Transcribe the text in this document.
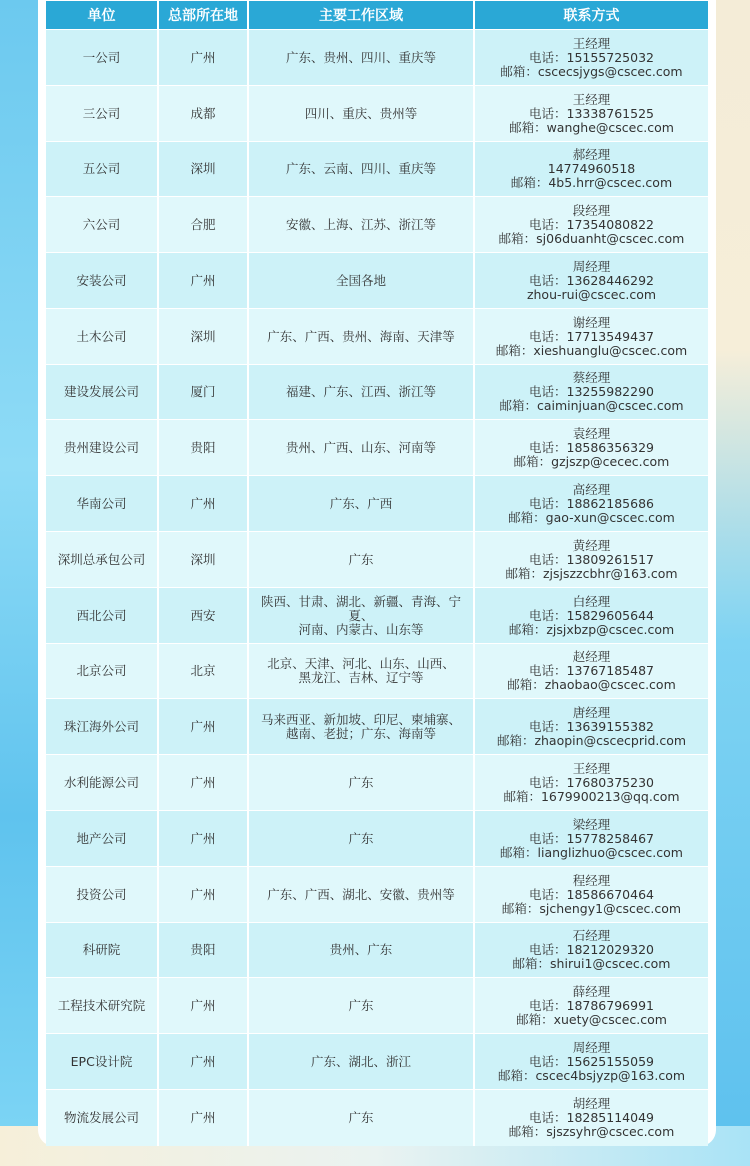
单位	总部所在地	主要工作区域	联系方式
一公司	广州	广东、贵州、四川、重庆等	王经理
电话：15155725032
邮箱：cscecsjygs@cscec.com

三公司	成都	四川、重庆、贵州等	王经理
电话：13338761525
邮箱：wanghe@cscec.com

五公司	深圳	广东、云南、四川、重庆等	郝经理
14774960518
邮箱：4b5.hrr@cscec.com

六公司	合肥	安徽、上海、江苏、浙江等	段经理
电话：17354080822
邮箱：sj06duanht@cscec.com

安装公司	广州	全国各地	周经理
电话：13628446292
zhou-rui@cscec.com

土木公司	深圳	广东、广西、贵州、海南、天津等	谢经理
电话：17713549437
邮箱：xieshuanglu@cscec.com

建设发展公司	厦门	福建、广东、江西、浙江等	蔡经理
电话：13255982290
邮箱：caiminjuan@cscec.com

贵州建设公司	贵阳	贵州、广西、山东、河南等	袁经理
电话：18586356329
邮箱：gzjszp@cecec.com

华南公司	广州	广东、广西	高经理
电话：18862185686
邮箱：gao-xun@cscec.com

深圳总承包公司	深圳	广东	黄经理
电话：13809261517
邮箱：zjsjszzcbhr@163.com

西北公司	西安	陕西、甘肃、湖北、新疆、青海、宁夏、
河南、内蒙古、山东等	白经理
电话：15829605644
邮箱：zjsjxbzp@cscec.com

北京公司	北京	北京、天津、河北、山东、山西、
黑龙江、吉林、辽宁等	赵经理
电话：13767185487
邮箱：zhaobao@cscec.com

珠江海外公司	广州	马来西亚、新加坡、印尼、柬埔寨、
越南、老挝；广东、海南等	唐经理
电话：13639155382
邮箱：zhaopin@cscecprid.com

水利能源公司	广州	广东	王经理
电话：17680375230
邮箱：1679900213@qq.com

地产公司	广州	广东	梁经理
电话：15778258467
邮箱：lianglizhuo@cscec.com

投资公司	广州	广东、广西、湖北、安徽、贵州等	程经理
电话：18586670464
邮箱：sjchengy1@cscec.com

科研院	贵阳	贵州、广东	石经理
电话：18212029320
邮箱：shirui1@cscec.com

工程技术研究院	广州	广东	薛经理
电话：18786796991
邮箱：xuety@cscec.com

EPC设计院	广州	广东、湖北、浙江	周经理
电话：15625155059
邮箱：cscec4bsjyzp@163.com

物流发展公司	广州	广东	胡经理
电话：18285114049
邮箱：sjszsyhr@cscec.com
